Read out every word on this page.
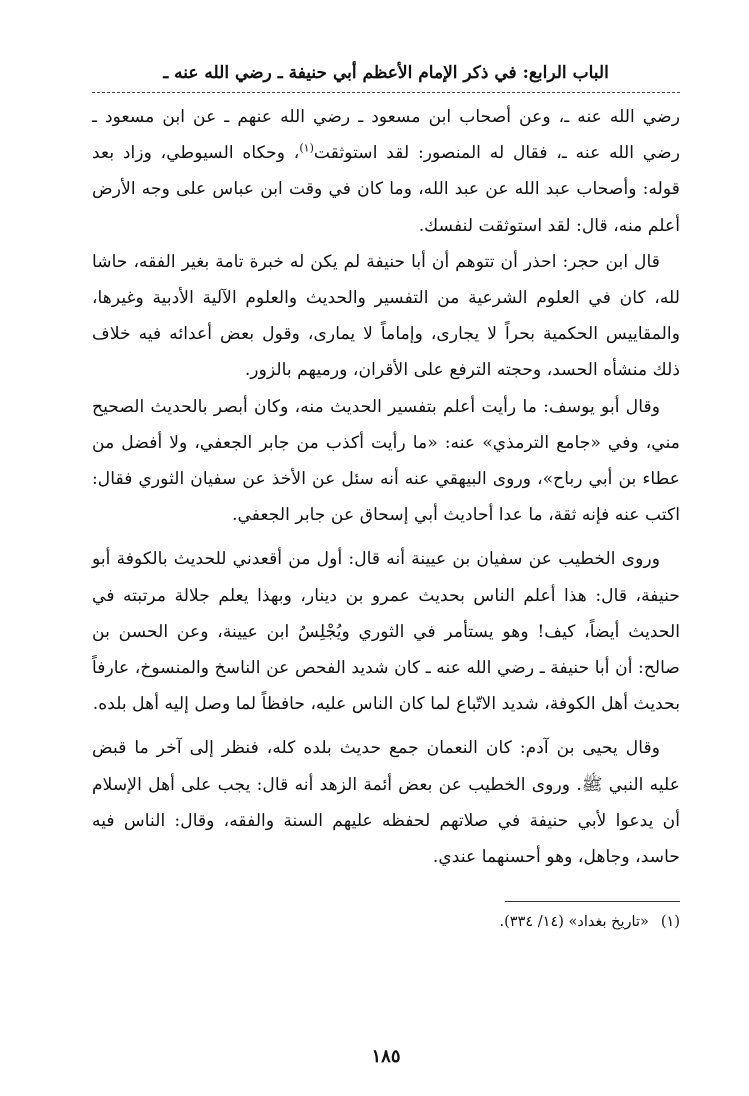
الباب الرابع: في ذكر الإمام الأعظم أبي حنيفة ـ رضي الله عنه ـ

رضي الله عنه ـ، وعن أصحاب ابن مسعود ـ رضي الله عنهم ـ عن ابن مسعود ـ رضي الله عنه ـ، فقال له المنصور: لقد استوثقت$^{(١)}$، وحكاه السيوطي، وزاد بعد قوله: وأصحاب عبد الله عن عبد الله، وما كان في وقت ابن عباس على وجه الأرض أعلم منه، قال: لقد استوثقت لنفسك.

قال ابن حجر: احذر أن تتوهم أن أبا حنيفة لم يكن له خبرة تامة بغير الفقه، حاشا لله، كان في العلوم الشرعية من التفسير والحديث والعلوم الآلية الأدبية وغيرها، والمقاييس الحكمية بحراً لا يجارى، وإماماً لا يمارى، وقول بعض أعدائه فيه خلاف ذلك منشأه الحسد، وحجته الترفع على الأقران، ورميهم بالزور.

وقال أبو يوسف: ما رأيت أعلم بتفسير الحديث منه، وكان أبصر بالحديث الصحيح مني، وفي «جامع الترمذي» عنه: «ما رأيت أكذب من جابر الجعفي، ولا أفضل من عطاء بن أبي رباح»، وروى البيهقي عنه أنه سئل عن الأخذ عن سفيان الثوري فقال: اكتب عنه فإنه ثقة، ما عدا أحاديث أبي إسحاق عن جابر الجعفي.

وروى الخطيب عن سفيان بن عيينة أنه قال: أول من أقعدني للحديث بالكوفة أبو حنيفة، قال: هذا أعلم الناس بحديث عمرو بن دينار، وبهذا يعلم جلالة مرتبته في الحديث أيضاً، كيف! وهو يستأمر في الثوري ويُجْلِسُ ابن عيينة، وعن الحسن بن صالح: أن أبا حنيفة ـ رضي الله عنه ـ كان شديد الفحص عن الناسخ والمنسوخ، عارفاً بحديث أهل الكوفة، شديد الاتّباع لما كان الناس عليه، حافظاً لما وصل إليه أهل بلده.

وقال يحيى بن آدم: كان النعمان جمع حديث بلده كله، فنظر إلى آخر ما قبض عليه النبي ﷺ. وروى الخطيب عن بعض أئمة الزهد أنه قال: يجب على أهل الإسلام أن يدعوا لأبي حنيفة في صلاتهم لحفظه عليهم السنة والفقه، وقال: الناس فيه حاسد، وجاهل، وهو أحسنهما عندي.

(١)«تاريخ بغداد» (١٤/ ٣٣٤).
١٨٥
